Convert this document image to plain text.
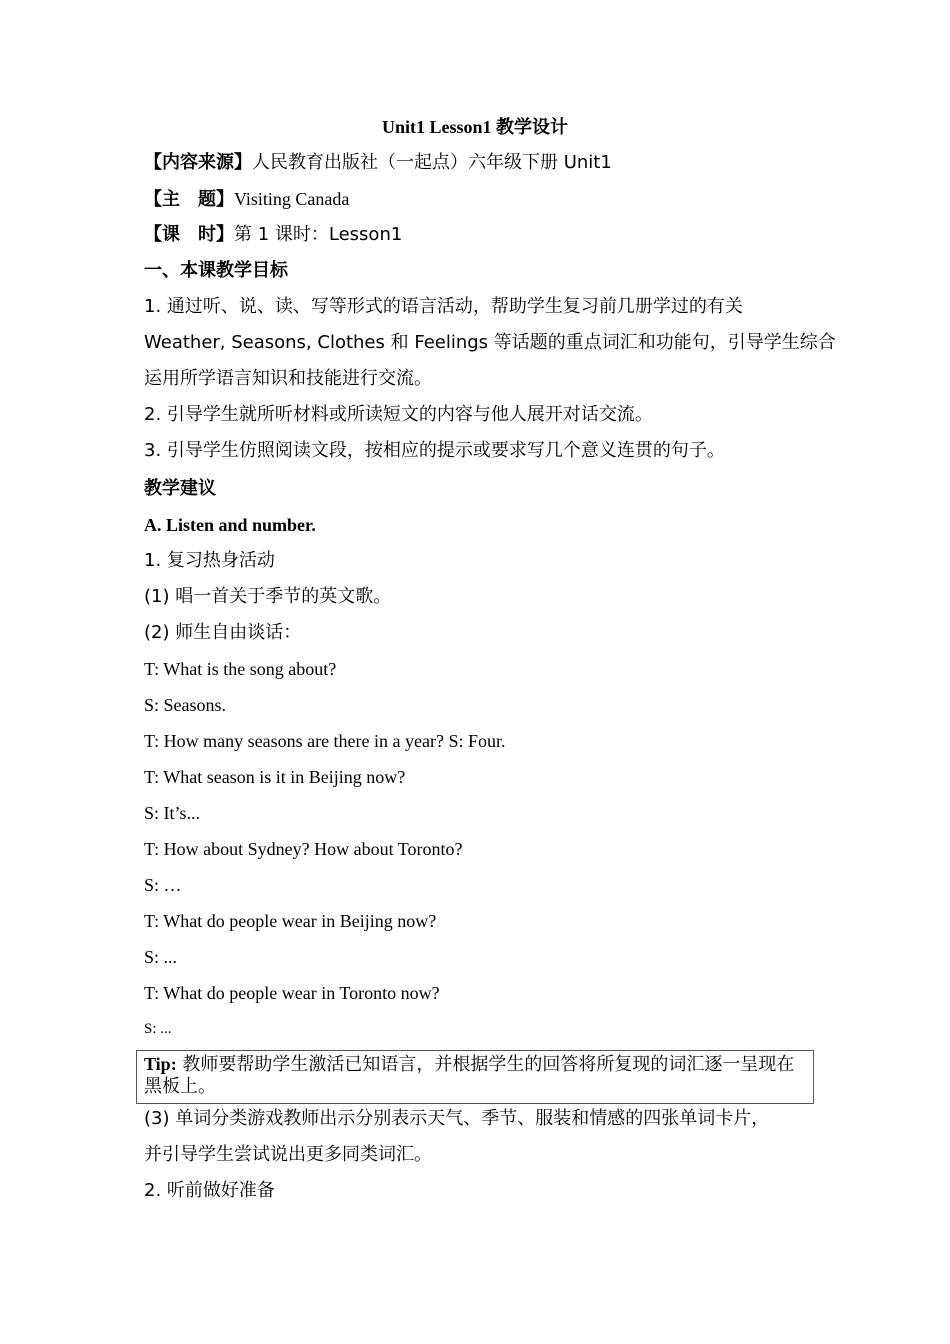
Unit1 Lesson1 教学设计
【内容来源】人民教育出版社（一起点）六年级下册 Unit1
【主　题】Visiting Canada
【课　时】第 1 课时：Lesson1
一、本课教学目标
1. 通过听、说、读、写等形式的语言活动，帮助学生复习前几册学过的有关
Weather, Seasons, Clothes 和 Feelings 等话题的重点词汇和功能句，引导学生综合
运用所学语言知识和技能进行交流。
2. 引导学生就所听材料或所读短文的内容与他人展开对话交流。
3. 引导学生仿照阅读文段，按相应的提示或要求写几个意义连贯的句子。
教学建议
A. Listen and number.
1. 复习热身活动
(1) 唱一首关于季节的英文歌。
(2) 师生自由谈话：
T: What is the song about?
S: Seasons.
T: How many seasons are there in a year? S: Four.
T: What season is it in Beijing now?
S: It’s...
T: How about Sydney? How about Toronto?
S: …
T: What do people wear in Beijing now?
S: ...
T: What do people wear in Toronto now?
S: ...
Tip: 教师要帮助学生激活已知语言，并根据学生的回答将所复现的词汇逐一呈现在黑板上。
(3) 单词分类游戏教师出示分别表示天气、季节、服装和情感的四张单词卡片，
并引导学生尝试说出更多同类词汇。
2. 听前做好准备
